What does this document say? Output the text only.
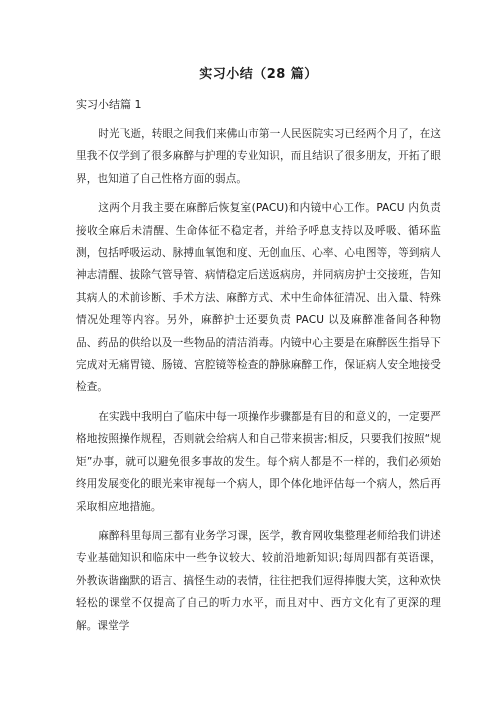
实习小结（28 篇）
实习小结篇 1

时光飞逝，转眼之间我们来佛山市第一人民医院实习已经两个月了，在这里我不仅学到了很多麻醉与护理的专业知识，而且结识了很多朋友，开拓了眼界，也知道了自己性格方面的弱点。

这两个月我主要在麻醉后恢复室(PACU)和内镜中心工作。PACU 内负责接收全麻后未清醒、生命体征不稳定者，并给予呼息支持以及呼吸、循环监测，包括呼吸运动、脉搏血氧饱和度、无创血压、心率、心电图等，等到病人神志清醒、拔除气管导管、病情稳定后送返病房，并同病房护士交接班，告知其病人的术前诊断、手术方法、麻醉方式、术中生命体征清况、出入量、特殊情况处理等内容。另外，麻醉护士还要负责 PACU 以及麻醉准备间各种物品、药品的供给以及一些物品的清洁消毒。内镜中心主要是在麻醉医生指导下完成对无痛胃镜、肠镜、宫腔镜等检查的静脉麻醉工作，保证病人安全地接受检查。

在实践中我明白了临床中每一项操作步骤都是有目的和意义的，一定要严格地按照操作规程，否则就会给病人和自己带来损害;相反，只要我们按照“规矩”办事，就可以避免很多事故的发生。每个病人都是不一样的，我们必须始终用发展变化的眼光来审视每一个病人，即个体化地评估每一个病人，然后再采取相应地措施。

麻醉科里每周三都有业务学习课，医学，教育网收集整理老师给我们讲述专业基础知识和临床中一些争议较大、较前沿地新知识;每周四都有英语课，外教诙谐幽默的语言、搞怪生动的表情，往往把我们逗得捧腹大笑，这种欢快轻松的课堂不仅提高了自己的听力水平，而且对中、西方文化有了更深的理解。课堂学
